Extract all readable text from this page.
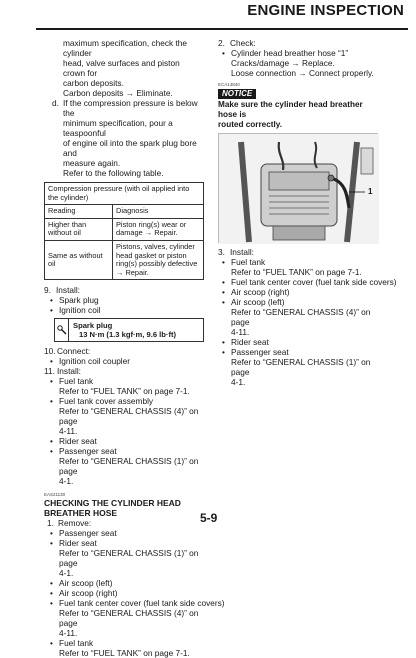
ENGINE INSPECTION
maximum specification, check the cylinder
head, valve surfaces and piston crown for
carbon deposits.
Carbon deposits → Eliminate.
d. If the compression pressure is below the
minimum specification, pour a teaspoonful
of engine oil into the spark plug bore and
measure again.
Refer to the following table.
Compression pressure (with oil applied into the cylinder)	
Reading	Diagnosis
Higher than without oil	Piston ring(s) wear or damage → Repair.
Same as without oil	Pistons, valves, cylinder head gasket or piston ring(s) possibly defective → Repair.
9. Install:
• Spark plug
• Ignition coil
Spark plug
13 N·m (1.3 kgf·m, 9.6 lb·ft)
10. Connect:
• Ignition coil coupler
11. Install:
• Fuel tank
Refer to “FUEL TANK” on page 7-1.
• Fuel tank cover assembly
Refer to “GENERAL CHASSIS (4)” on page
4-11.
• Rider seat
• Passenger seat
Refer to “GENERAL CHASSIS (1)” on page
4-1.
EAS21130
CHECKING THE CYLINDER HEAD
BREATHER HOSE
1. Remove:
• Passenger seat
• Rider seat
Refer to “GENERAL CHASSIS (1)” on page
4-1.
• Air scoop (left)
• Air scoop (right)
• Fuel tank center cover (fuel tank side covers)
Refer to “GENERAL CHASSIS (4)” on page
4-11.
• Fuel tank
Refer to “FUEL TANK” on page 7-1.
2. Check:
• Cylinder head breather hose “1”
Cracks/damage → Replace.
Loose connection → Connect properly.
ECA14840
NOTICE
Make sure the cylinder head breather hose is
routed correctly.
1
3. Install:
• Fuel tank
Refer to “FUEL TANK” on page 7-1.
• Fuel tank center cover (fuel tank side covers)
• Air scoop (right)
• Air scoop (left)
Refer to “GENERAL CHASSIS (4)” on page
4-11.
• Rider seat
• Passenger seat
Refer to “GENERAL CHASSIS (1)” on page
4-1.
5-9
